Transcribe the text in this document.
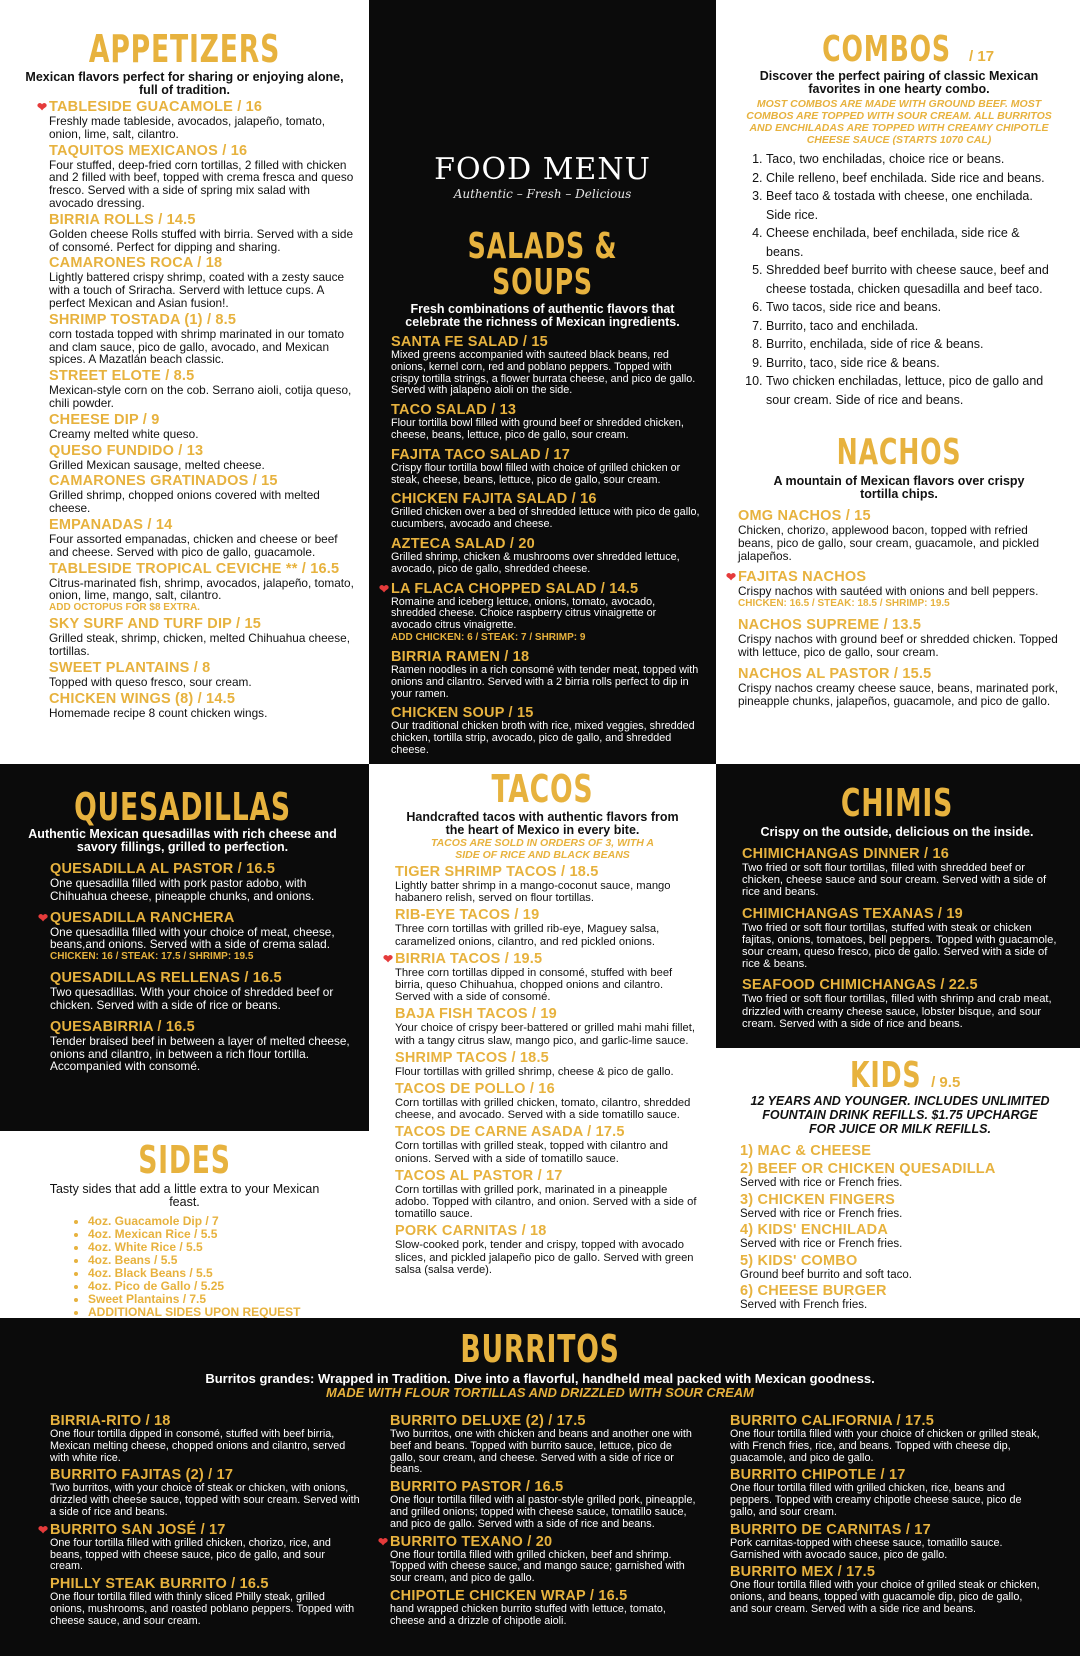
APPETIZERS
Mexican flavors perfect for sharing or enjoying alone, full of tradition.
❤ TABLESIDE GUACAMOLE / 16
Freshly made tableside, avocados, jalapeño, tomato, onion, lime, salt, cilantro.
TAQUITOS MEXICANOS / 16
Four stuffed, deep-fried corn tortillas, 2 filled with chicken and 2 filled with beef, topped with crema fresca and queso fresco. Served with a side of spring mix salad with avocado dressing.
BIRRIA ROLLS / 14.5
Golden cheese Rolls stuffed with birria. Served with a side of consomé. Perfect for dipping and sharing.
CAMARONES ROCA / 18
Lightly battered crispy shrimp, coated with a zesty sauce with a touch of Sriracha. Serverd with lettuce cups. A perfect Mexican and Asian fusion!.
SHRIMP TOSTADA (1) / 8.5
corn tostada topped with shrimp marinated in our tomato and clam sauce, pico de gallo, avocado, and Mexican spices. A Mazatlán beach classic.
STREET ELOTE / 8.5
Mexican-style corn on the cob. Serrano aioli, cotija queso, chili powder.
CHEESE DIP / 9
Creamy melted white queso.
QUESO FUNDIDO / 13
Grilled Mexican sausage, melted cheese.
CAMARONES GRATINADOS / 15
Grilled shrimp, chopped onions covered with melted cheese.
EMPANADAS / 14
Four assorted empanadas, chicken and cheese or beef and cheese. Served with pico de gallo, guacamole.
TABLESIDE TROPICAL CEVICHE ** / 16.5
Citrus-marinated fish, shrimp, avocados, jalapeño, tomato, onion, lime, mango, salt, cilantro.
ADD OCTOPUS FOR $8 EXTRA.
SKY SURF AND TURF DIP / 15
Grilled steak, shrimp, chicken, melted Chihuahua cheese, tortillas.
SWEET PLANTAINS / 8
Topped with queso fresco, sour cream.
CHICKEN WINGS (8) / 14.5
Homemade recipe 8 count chicken wings.
FOOD MENU
Authentic – Fresh – Delicious
SALADS & SOUPS
Fresh combinations of authentic flavors that celebrate the richness of Mexican ingredients.
SANTA FE SALAD / 15
Mixed greens accompanied with sauteed black beans, red onions, kernel corn, red and poblano peppers. Topped with crispy tortilla strings, a flower burrata cheese, and pico de gallo. Served with jalapeno aioli on the side.
TACO SALAD / 13
Flour tortilla bowl filled with ground beef or shredded chicken, cheese, beans, lettuce, pico de gallo, sour cream.
FAJITA TACO SALAD / 17
Crispy flour tortilla bowl filled with choice of grilled chicken or steak, cheese, beans, lettuce, pico de gallo, sour cream.
CHICKEN FAJITA SALAD / 16
Grilled chicken over a bed of shredded lettuce with pico de gallo, cucumbers, avocado and cheese.
AZTECA SALAD / 20
Grilled shrimp, chicken & mushrooms over shredded lettuce, avocado, pico de gallo, shredded cheese.
❤ LA FLACA CHOPPED SALAD / 14.5
Romaine and iceberg lettuce, onions, tomato, avocado, shredded cheese. Choice raspberry citrus vinaigrette or avocado citrus vinaigrette.
ADD CHICKEN: 6 / STEAK: 7 / SHRIMP: 9
BIRRIA RAMEN / 18
Ramen noodles in a rich consomé with tender meat, topped with onions and cilantro. Served with a 2 birria rolls perfect to dip in your ramen.
CHICKEN SOUP / 15
Our traditional chicken broth with rice, mixed veggies, shredded chicken, tortilla strip, avocado, pico de gallo, and shredded cheese.
COMBOS / 17
Discover the perfect pairing of classic Mexican favorites in one hearty combo.
MOST COMBOS ARE MADE WITH GROUND BEEF. MOST COMBOS ARE TOPPED WITH SOUR CREAM. ALL BURRITOS AND ENCHILADAS ARE TOPPED WITH CREAMY CHIPOTLE CHEESE SAUCE (STARTS 1070 CAL)
1. Taco, two enchiladas, choice rice or beans.
2. Chile relleno, beef enchilada. Side rice and beans.
3. Beef taco & tostada with cheese, one enchilada. Side rice.
4. Cheese enchilada, beef enchilada, side rice & beans.
5. Shredded beef burrito with cheese sauce, beef and cheese tostada, chicken quesadilla and beef taco.
6. Two tacos, side rice and beans.
7. Burrito, taco and enchilada.
8. Burrito, enchilada, side of rice & beans.
9. Burrito, taco, side rice & beans.
10. Two chicken enchiladas, lettuce, pico de gallo and sour cream. Side of rice and beans.
NACHOS
A mountain of Mexican flavors over crispy tortilla chips.
OMG NACHOS / 15
Chicken, chorizo, applewood bacon, topped with refried beans, pico de gallo, sour cream, guacamole, and pickled jalapeños.
❤ FAJITAS NACHOS
Crispy nachos with sautéed with onions and bell peppers.
CHICKEN: 16.5 / STEAK: 18.5 / SHRIMP: 19.5
NACHOS SUPREME / 13.5
Crispy nachos with ground beef or shredded chicken. Topped with lettuce, pico de gallo, sour cream.
NACHOS AL PASTOR / 15.5
Crispy nachos creamy cheese sauce, beans, marinated pork, pineapple chunks, jalapeños, guacamole, and pico de gallo.
QUESADILLAS
Authentic Mexican quesadillas with rich cheese and savory fillings, grilled to perfection.
QUESADILLA AL PASTOR / 16.5
One quesadilla filled with pork pastor adobo, with Chihuahua cheese, pineapple chunks, and onions.
❤ QUESADILLA RANCHERA
One quesadilla filled with your choice of meat, cheese, beans,and onions. Served with a side of crema salad.
CHICKEN: 16 / STEAK: 17.5 / SHRIMP: 19.5
QUESADILLAS RELLENAS / 16.5
Two quesadillas. With your choice of shredded beef or chicken. Served with a side of rice or beans.
QUESABIRRIA / 16.5
Tender braised beef in between a layer of melted cheese, onions and cilantro, in between a rich flour tortilla. Accompanied with consomé.
SIDES
Tasty sides that add a little extra to your Mexican feast.
• 4oz. Guacamole Dip / 7
• 4oz. Mexican Rice / 5.5
• 4oz. White Rice / 5.5
• 4oz. Beans / 5.5
• 4oz. Black Beans / 5.5
• 4oz. Pico de Gallo / 5.25
• Sweet Plantains / 7.5
• ADDITIONAL SIDES UPON REQUEST
TACOS
Handcrafted tacos with authentic flavors from the heart of Mexico in every bite.
TACOS ARE SOLD IN ORDERS OF 3, WITH A SIDE OF RICE AND BLACK BEANS
TIGER SHRIMP TACOS / 18.5
Lightly batter shrimp in a mango-coconut sauce, mango habanero relish, served on flour tortillas.
RIB-EYE TACOS / 19
Three corn tortillas with grilled rib-eye, Maguey salsa, caramelized onions, cilantro, and red pickled onions.
❤ BIRRIA TACOS / 19.5
Three corn tortillas dipped in consomé, stuffed with beef birria, queso Chihuahua, chopped onions and cilantro. Served with a side of consomé.
BAJA FISH TACOS / 19
Your choice of crispy beer-battered or grilled mahi mahi fillet, with a tangy citrus slaw, mango pico, and garlic-lime sauce.
SHRIMP TACOS / 18.5
Flour tortillas with grilled shrimp, cheese & pico de gallo.
TACOS DE POLLO / 16
Corn tortillas with grilled chicken, tomato, cilantro, shredded cheese, and avocado. Served with a side tomatillo sauce.
TACOS DE CARNE ASADA / 17.5
Corn tortillas with grilled steak, topped with cilantro and onions. Served with a side of tomatillo sauce.
TACOS AL PASTOR / 17
Corn tortillas with grilled pork, marinated in a pineapple adobo. Topped with cilantro, and onion. Served with a side of tomatillo sauce.
PORK CARNITAS / 18
Slow-cooked pork, tender and crispy, topped with avocado slices, and pickled jalapeño pico de gallo. Served with green salsa (salsa verde).
CHIMIS
Crispy on the outside, delicious on the inside.
CHIMICHANGAS DINNER / 16
Two fried or soft flour tortillas, filled with shredded beef or chicken, cheese sauce and sour cream. Served with a side of rice and beans.
CHIMICHANGAS TEXANAS / 19
Two fried or soft flour tortillas, stuffed with steak or chicken fajitas, onions, tomatoes, bell peppers. Topped with guacamole, sour cream, queso fresco, pico de gallo. Served with a side of rice & beans.
SEAFOOD CHIMICHANGAS / 22.5
Two fried or soft flour tortillas, filled with shrimp and crab meat, drizzled with creamy cheese sauce, lobster bisque, and sour cream. Served with a side of rice and beans.
KIDS / 9.5
12 YEARS AND YOUNGER. INCLUDES UNLIMITED FOUNTAIN DRINK REFILLS. $1.75 UPCHARGE FOR JUICE OR MILK REFILLS.
1) MAC & CHEESE
2) BEEF OR CHICKEN QUESADILLA
Served with rice or French fries.
3) CHICKEN FINGERS
Served with rice or French fries.
4) KIDS' ENCHILADA
Served with rice or French fries.
5) KIDS' COMBO
Ground beef burrito and soft taco.
6) CHEESE BURGER
Served with French fries.
BURRITOS
Burritos grandes: Wrapped in Tradition. Dive into a flavorful, handheld meal packed with Mexican goodness.
MADE WITH FLOUR TORTILLAS AND DRIZZLED WITH SOUR CREAM
BIRRIA-RITO / 18
One flour tortilla dipped in consomé, stuffed with beef birria, Mexican melting cheese, chopped onions and cilantro, served with white rice.
BURRITO FAJITAS (2) / 17
Two burritos, with your choice of steak or chicken, with onions, drizzled with cheese sauce, topped with sour cream. Served with a side of rice and beans.
❤ BURRITO SAN JOSÉ / 17
One four tortilla filled with grilled chicken, chorizo, rice, and beans, topped with cheese sauce, pico de gallo, and sour cream.
PHILLY STEAK BURRITO / 16.5
One flour tortilla filled with thinly sliced Philly steak, grilled onions, mushrooms, and roasted poblano peppers. Topped with cheese sauce, and sour cream.
BURRITO DELUXE (2) / 17.5
Two burritos, one with chicken and beans and another one with beef and beans. Topped with burrito sauce, lettuce, pico de gallo, sour cream, and cheese. Served with a side of rice or beans.
BURRITO PASTOR / 16.5
One flour tortilla filled with al pastor-style grilled pork, pineapple, and grilled onions; topped with cheese sauce, tomatillo sauce, and pico de gallo. Served with a side of rice and beans.
❤ BURRITO TEXANO / 20
One flour tortilla filled with grilled chicken, beef and shrimp. Topped with cheese sauce, and mango sauce; garnished with sour cream, and pico de gallo.
CHIPOTLE CHICKEN WRAP / 16.5
hand wrapped chicken burrito stuffed with lettuce, tomato, cheese and a drizzle of chipotle aioli.
BURRITO CALIFORNIA / 17.5
One flour tortilla filled with your choice of chicken or grilled steak, with French fries, rice, and beans. Topped with cheese dip, guacamole, and pico de gallo.
BURRITO CHIPOTLE / 17
One flour tortilla filled with grilled chicken, rice, beans and peppers. Topped with creamy chipotle cheese sauce, pico de gallo, and sour cream.
BURRITO DE CARNITAS / 17
Pork carnitas-topped with cheese sauce, tomatillo sauce. Garnished with avocado sauce, pico de gallo.
BURRITO MEX / 17.5
One flour tortilla filled with your choice of grilled steak or chicken, onions, and beans, topped with guacamole dip, pico de gallo, and sour cream. Served with a side rice and beans.
